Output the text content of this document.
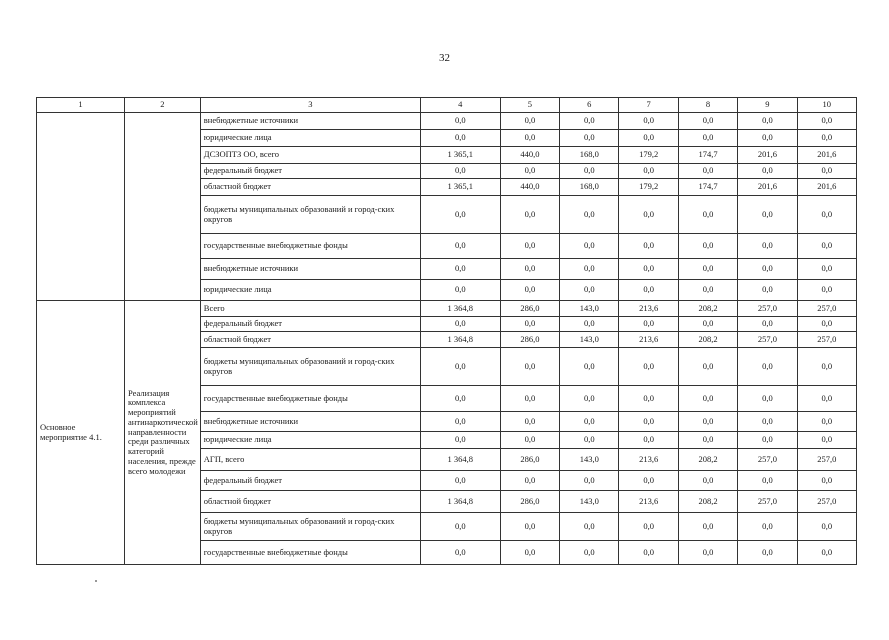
32
1	2	3	4	5	6	7	8	9	10
		внебюджетные источники	0,0	0,0	0,0	0,0	0,0	0,0	0,0
		юридические лица	0,0	0,0	0,0	0,0	0,0	0,0	0,0
		ДСЗОПТЗ ОО, всего	1 365,1	440,0	168,0	179,2	174,7	201,6	201,6
		федеральный бюджет	0,0	0,0	0,0	0,0	0,0	0,0	0,0
		областной бюджет	1 365,1	440,0	168,0	179,2	174,7	201,6	201,6
		бюджеты муниципальных образований и город-ских округов	0,0	0,0	0,0	0,0	0,0	0,0	0,0
		государственные внебюджетные фонды	0,0	0,0	0,0	0,0	0,0	0,0	0,0
		внебюджетные источники	0,0	0,0	0,0	0,0	0,0	0,0	0,0
		юридические лица	0,0	0,0	0,0	0,0	0,0	0,0	0,0
Основное мероприятие 4.1.	Реализация комплекса мероприятий антинаркотической направленности среди различных категорий населения, прежде всего молодежи	Всего	1 364,8	286,0	143,0	213,6	208,2	257,0	257,0
		федеральный бюджет	0,0	0,0	0,0	0,0	0,0	0,0	0,0
		областной бюджет	1 364,8	286,0	143,0	213,6	208,2	257,0	257,0
		бюджеты муниципальных образований и город-ских округов	0,0	0,0	0,0	0,0	0,0	0,0	0,0
		государственные внебюджетные фонды	0,0	0,0	0,0	0,0	0,0	0,0	0,0
		внебюджетные источники	0,0	0,0	0,0	0,0	0,0	0,0	0,0
		юридические лица	0,0	0,0	0,0	0,0	0,0	0,0	0,0
		АГП, всего	1 364,8	286,0	143,0	213,6	208,2	257,0	257,0
		федеральный бюджет	0,0	0,0	0,0	0,0	0,0	0,0	0,0
		областной бюджет	1 364,8	286,0	143,0	213,6	208,2	257,0	257,0
		бюджеты муниципальных образований и город-ских округов	0,0	0,0	0,0	0,0	0,0	0,0	0,0
		государственные внебюджетные фонды	0,0	0,0	0,0	0,0	0,0	0,0	0,0
